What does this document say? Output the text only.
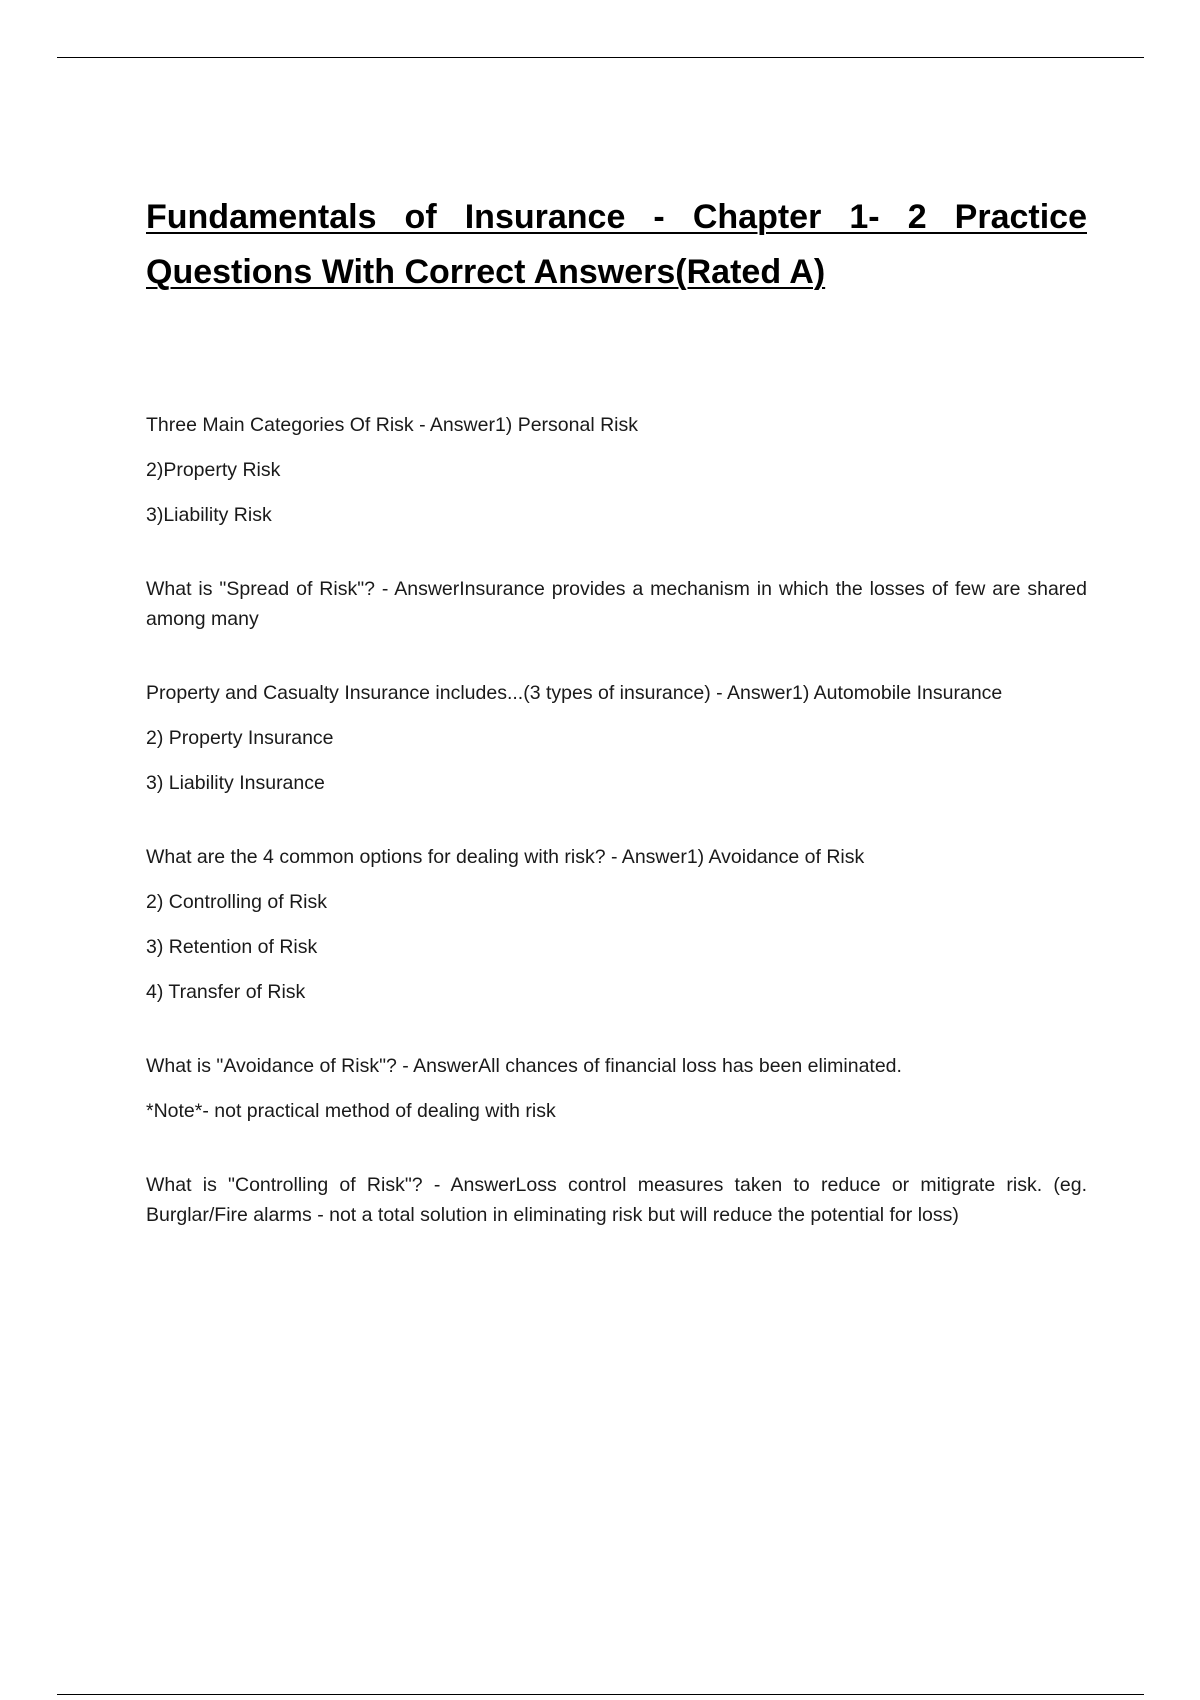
Fundamentals of Insurance - Chapter 1- 2 Practice Questions With Correct Answers(Rated A)

Three Main Categories Of Risk - Answer1) Personal Risk

2)Property Risk

3)Liability Risk

What is "Spread of Risk"? - AnswerInsurance provides a mechanism in which the losses of few are shared among many

Property and Casualty Insurance includes...(3 types of insurance) - Answer1) Automobile Insurance

2) Property Insurance

3) Liability Insurance

What are the 4 common options for dealing with risk? - Answer1) Avoidance of Risk

2) Controlling of Risk

3) Retention of Risk

4) Transfer of Risk

What is "Avoidance of Risk"? - AnswerAll chances of financial loss has been eliminated.

*Note*- not practical method of dealing with risk

What is "Controlling of Risk"? - AnswerLoss control measures taken to reduce or mitigrate risk. (eg. Burglar/Fire alarms - not a total solution in eliminating risk but will reduce the potential for loss)
